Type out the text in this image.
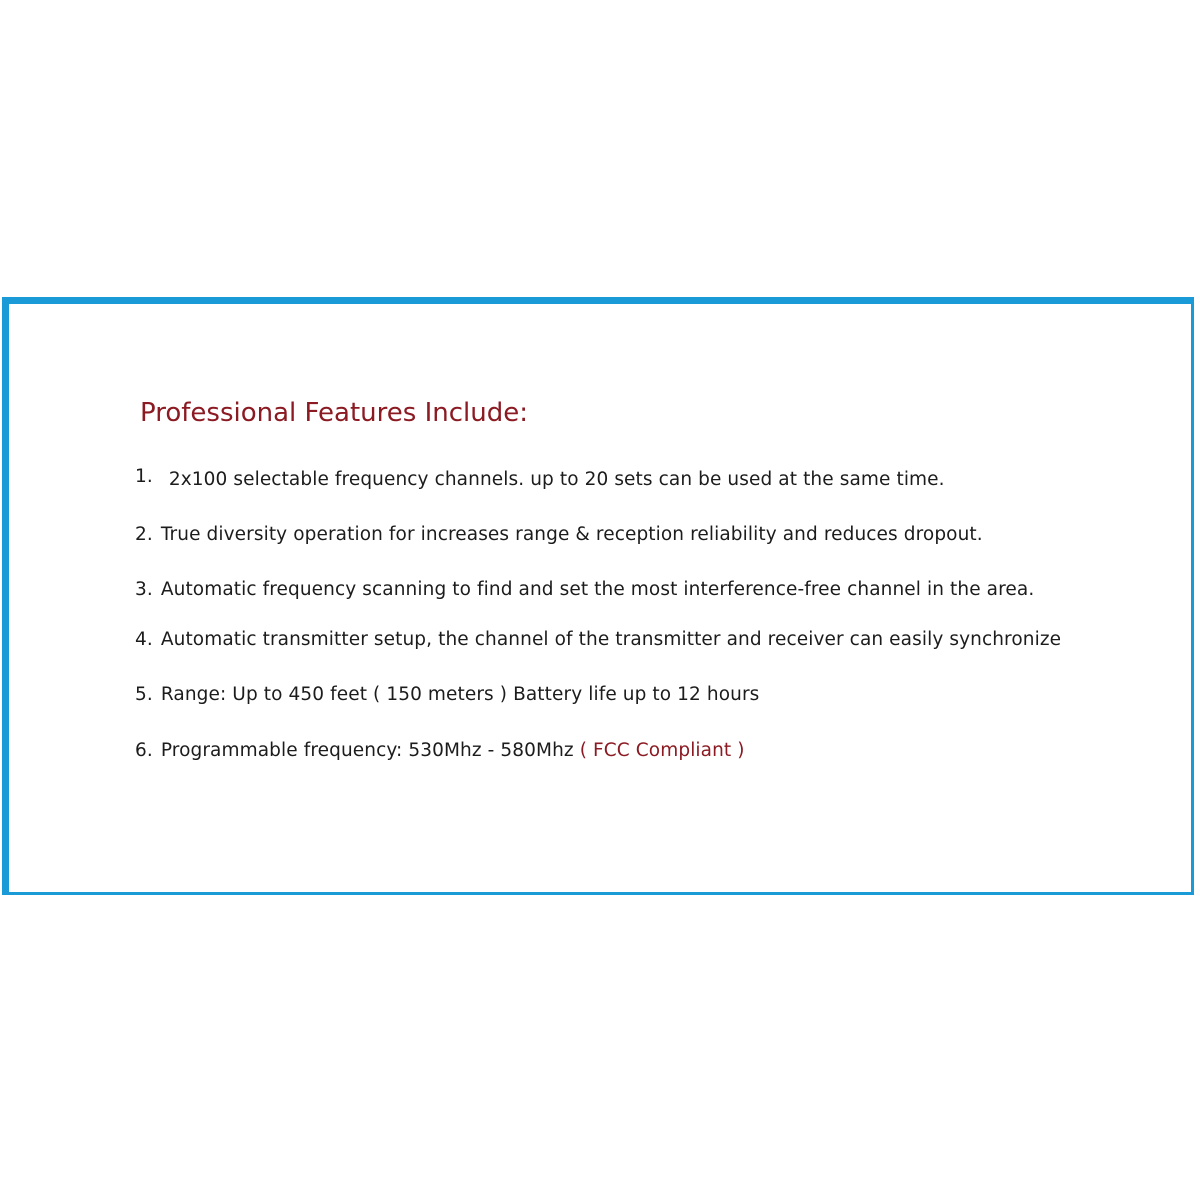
Professional Features Include:
1. 2x100 selectable frequency channels. up to 20 sets can be used at the same time.
2. True diversity operation for increases range & reception reliability and reduces dropout.
3. Automatic frequency scanning to find and set the most interference-free channel in the area.
4. Automatic transmitter setup, the channel of the transmitter and receiver can easily synchronize
5. Range: Up to 450 feet ( 150 meters ) Battery life up to 12 hours
6. Programmable frequency: 530Mhz - 580Mhz ( FCC Compliant )
